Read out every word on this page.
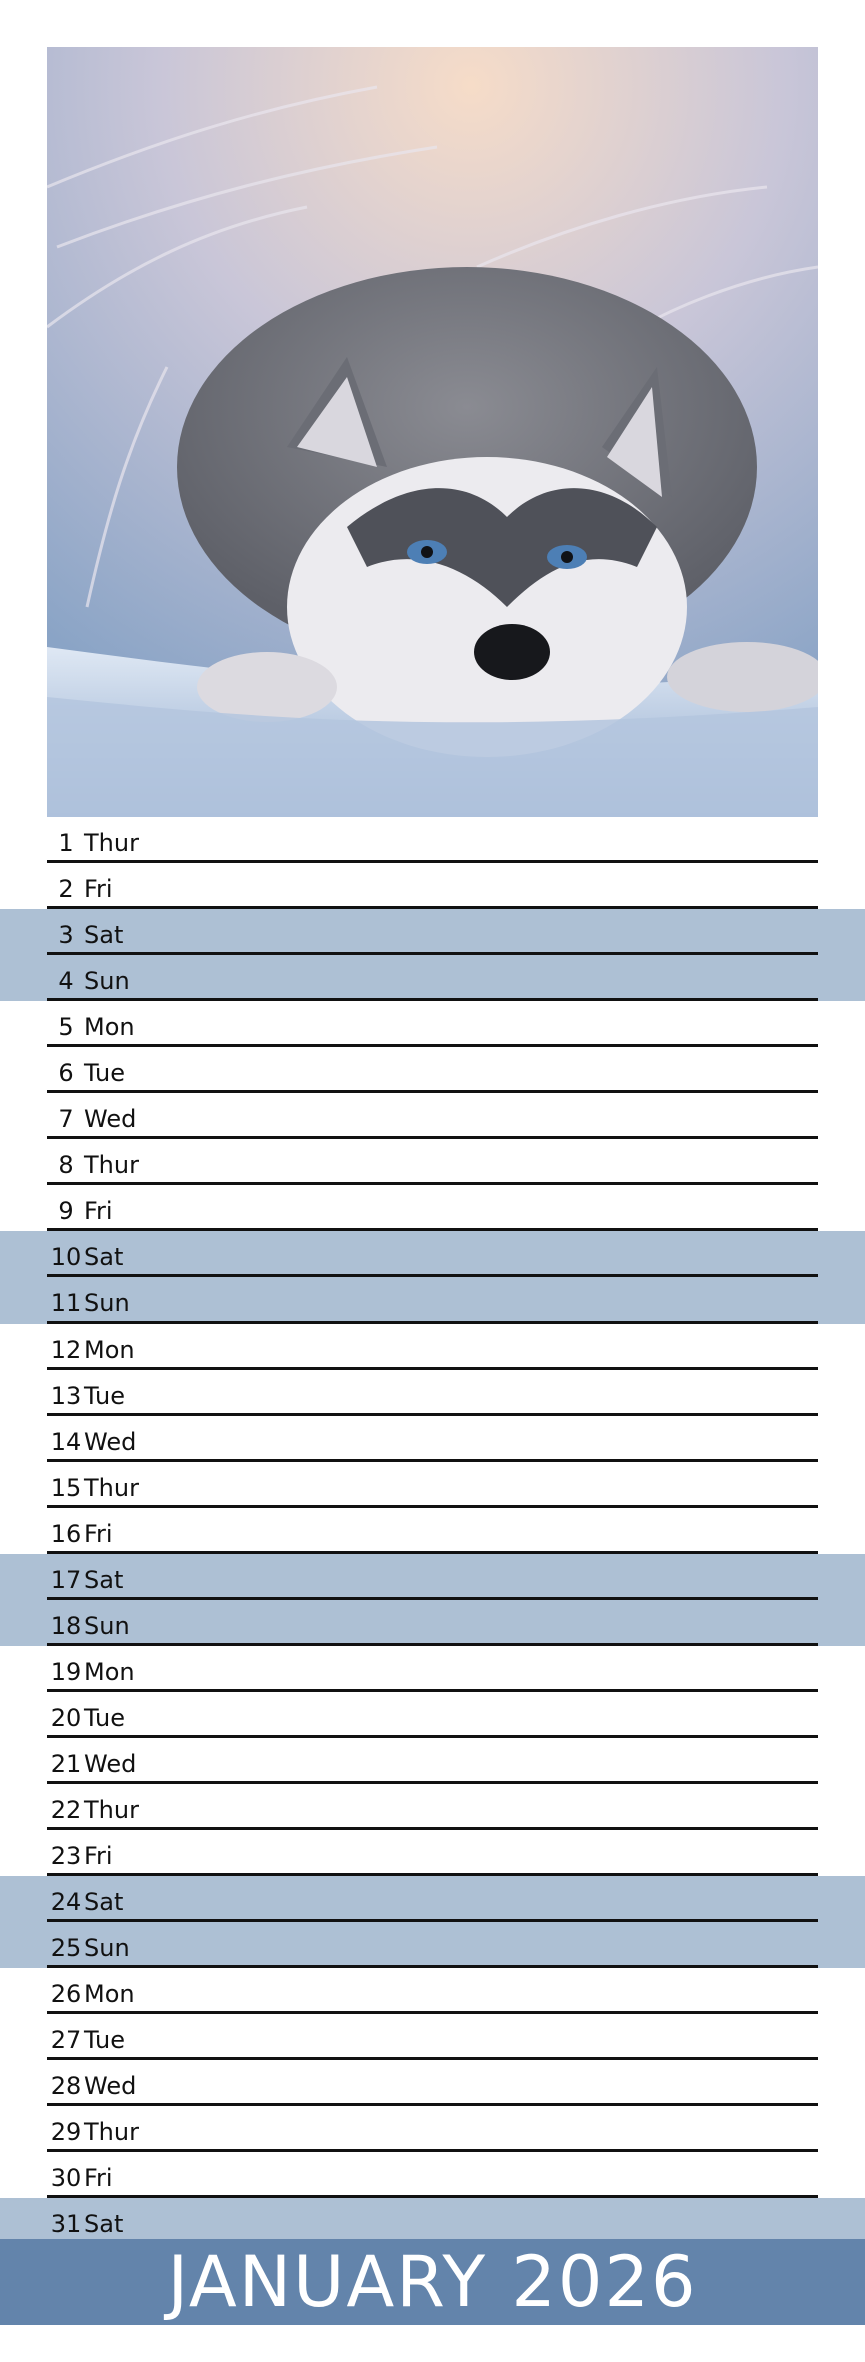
1 Thur
2 Fri
3 Sat
4 Sun
5 Mon
6 Tue
7 Wed
8 Thur
9 Fri
10 Sat
11 Sun
12 Mon
13 Tue
14 Wed
15 Thur
16 Fri
17 Sat
18 Sun
19 Mon
20 Tue
21 Wed
22 Thur
23 Fri
24 Sat
25 Sun
26 Mon
27 Tue
28 Wed
29 Thur
30 Fri
31 Sat
JANUARY 2026
